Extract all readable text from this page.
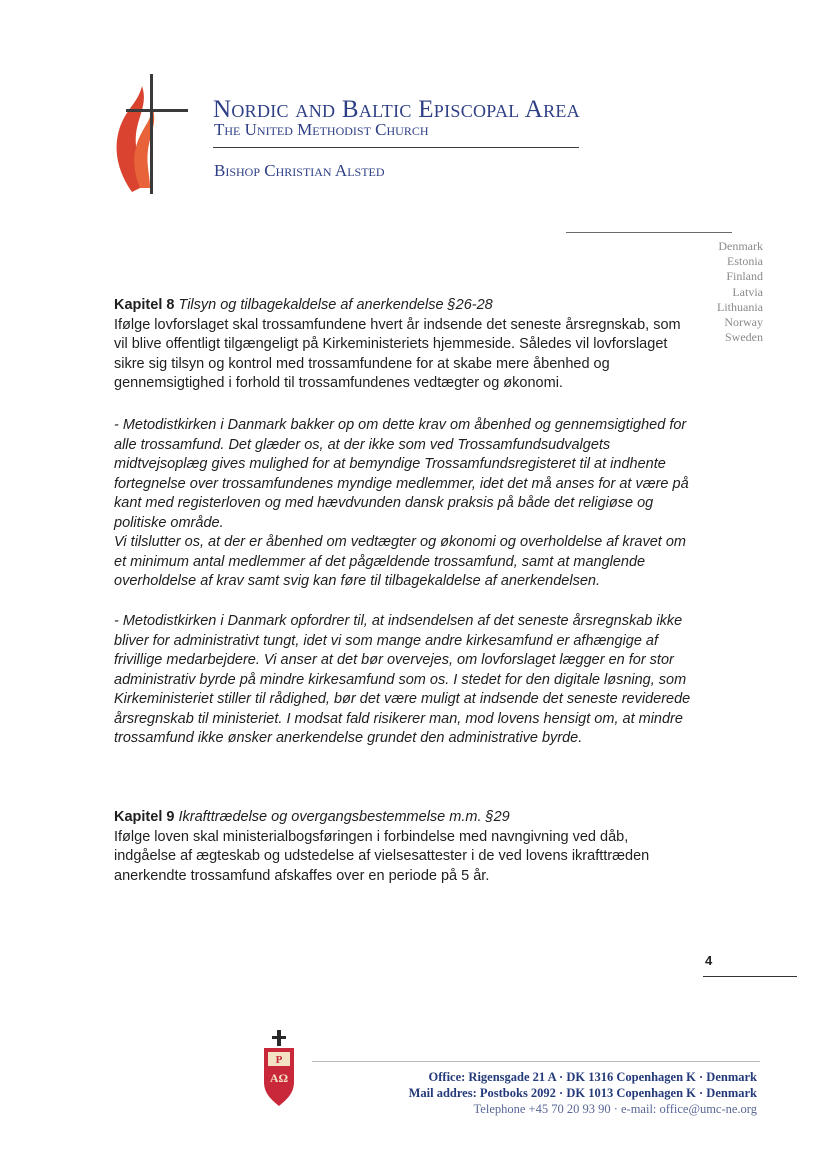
Nordic and Baltic Episcopal Area
The United Methodist Church
Bishop Christian Alsted
Denmark
Estonia
Finland
Latvia
Lithuania
Norway
Sweden

Kapitel 8 Tilsyn og tilbagekaldelse af anerkendelse §26-28

Ifølge lovforslaget skal trossamfundene hvert år indsende det seneste årsregnskab, som vil blive offentligt tilgængeligt på Kirkeministeriets hjemmeside. Således vil lovforslaget sikre sig tilsyn og kontrol med trossamfundene for at skabe mere åbenhed og gennemsigtighed i forhold til trossamfundenes vedtægter og økonomi.

- Metodistkirken i Danmark bakker op om dette krav om åbenhed og gennemsigtighed for alle trossamfund. Det glæder os, at der ikke som ved Trossamfundsudvalgets midtvejsoplæg gives mulighed for at bemyndige Trossamfundsregisteret til at indhente fortegnelse over trossamfundenes myndige medlemmer, idet det må anses for at være på kant med registerloven og med hævdvunden dansk praksis på både det religiøse og politiske område.

Vi tilslutter os, at der er åbenhed om vedtægter og økonomi og overholdelse af kravet om et minimum antal medlemmer af det pågældende trossamfund, samt at manglende overholdelse af krav samt svig kan føre til tilbagekaldelse af anerkendelsen.

- Metodistkirken i Danmark opfordrer til, at indsendelsen af det seneste årsregnskab ikke bliver for administrativt tungt, idet vi som mange andre kirkesamfund er afhængige af frivillige medarbejdere. Vi anser at det bør overvejes, om lovforslaget lægger en for stor administrativ byrde på mindre kirkesamfund som os. I stedet for den digitale løsning, som Kirkeministeriet stiller til rådighed, bør det være muligt at indsende det seneste reviderede årsregnskab til ministeriet. I modsat fald risikerer man, mod lovens hensigt om, at mindre trossamfund ikke ønsker anerkendelse grundet den administrative byrde.

Kapitel 9 Ikrafttrædelse og overgangsbestemmelse m.m. §29

Ifølge loven skal ministerialbogsføringen i forbindelse med navngivning ved dåb, indgåelse af ægteskab og udstedelse af vielsesattester i de ved lovens ikrafttræden anerkendte trossamfund afskaffes over en periode på 5 år.

4
P
AΩ	Office: Rigensgade 21 A · DK 1316 Copenhagen K · Denmark
Mail addres: Postboks 2092 · DK 1013 Copenhagen K · Denmark
Telephone +45 70 20 93 90 · e-mail: office@umc-ne.org
